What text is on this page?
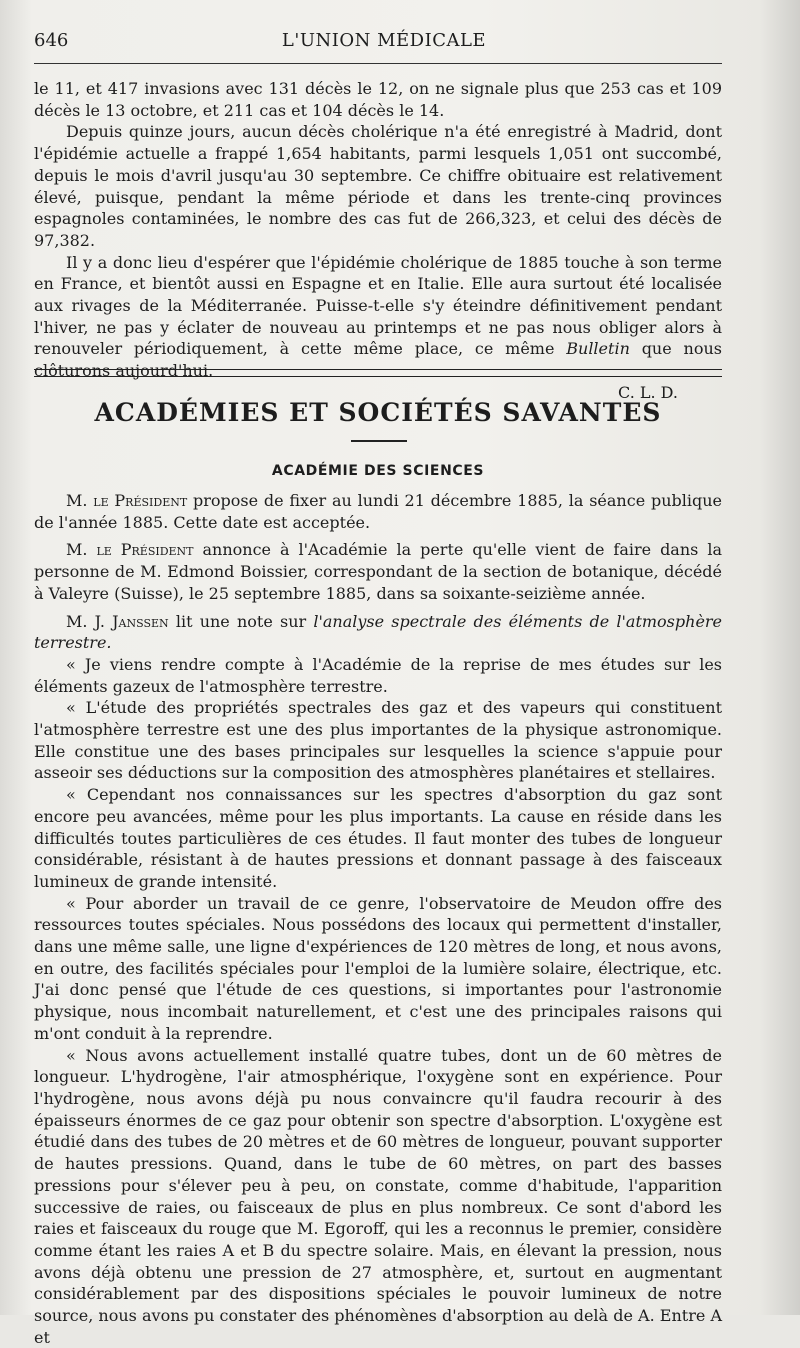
646	L'UNION MÉDICALE

le 11, et 417 invasions avec 131 décès le 12, on ne signale plus que 253 cas et 109 décès le 13 octobre, et 211 cas et 104 décès le 14.

Depuis quinze jours, aucun décès cholérique n'a été enregistré à Madrid, dont l'épidémie actuelle a frappé 1,654 habitants, parmi lesquels 1,051 ont succombé, depuis le mois d'avril jusqu'au 30 septembre. Ce chiffre obituaire est relativement élevé, puisque, pendant la même période et dans les trente-cinq provinces espagnoles contaminées, le nombre des cas fut de 266,323, et celui des décès de 97,382.

Il y a donc lieu d'espérer que l'épidémie cholérique de 1885 touche à son terme en France, et bientôt aussi en Espagne et en Italie. Elle aura surtout été localisée aux rivages de la Méditerranée. Puisse-t-elle s'y éteindre définitivement pendant l'hiver, ne pas y éclater de nouveau au printemps et ne pas nous obliger alors à renouveler périodiquement, à cette même place, ce même Bulletin que nous clôturons aujourd'hui.

C. L. D.

ACADÉMIES ET SOCIÉTÉS SAVANTES
ACADÉMIE DES SCIENCES

M. le Président propose de fixer au lundi 21 décembre 1885, la séance publique de l'année 1885. Cette date est acceptée.

M. le Président annonce à l'Académie la perte qu'elle vient de faire dans la personne de M. Edmond Boissier, correspondant de la section de botanique, décédé à Valeyre (Suisse), le 25 septembre 1885, dans sa soixante-seizième année.

M. J. Janssen lit une note sur l'analyse spectrale des éléments de l'atmosphère terrestre.

« Je viens rendre compte à l'Académie de la reprise de mes études sur les éléments gazeux de l'atmosphère terrestre.

« L'étude des propriétés spectrales des gaz et des vapeurs qui constituent l'atmosphère terrestre est une des plus importantes de la physique astronomique. Elle constitue une des bases principales sur lesquelles la science s'appuie pour asseoir ses déductions sur la composition des atmosphères planétaires et stellaires.

« Cependant nos connaissances sur les spectres d'absorption du gaz sont encore peu avancées, même pour les plus importants. La cause en réside dans les difficultés toutes particulières de ces études. Il faut monter des tubes de longueur considérable, résistant à de hautes pressions et donnant passage à des faisceaux lumineux de grande intensité.

« Pour aborder un travail de ce genre, l'observatoire de Meudon offre des ressources toutes spéciales. Nous possédons des locaux qui permettent d'installer, dans une même salle, une ligne d'expériences de 120 mètres de long, et nous avons, en outre, des facilités spéciales pour l'emploi de la lumière solaire, électrique, etc. J'ai donc pensé que l'étude de ces questions, si importantes pour l'astronomie physique, nous incombait naturellement, et c'est une des principales raisons qui m'ont conduit à la reprendre.

« Nous avons actuellement installé quatre tubes, dont un de 60 mètres de longueur. L'hydrogène, l'air atmosphérique, l'oxygène sont en expérience. Pour l'hydrogène, nous avons déjà pu nous convaincre qu'il faudra recourir à des épaisseurs énormes de ce gaz pour obtenir son spectre d'absorption. L'oxygène est étudié dans des tubes de 20 mètres et de 60 mètres de longueur, pouvant supporter de hautes pressions. Quand, dans le tube de 60 mètres, on part des basses pressions pour s'élever peu à peu, on constate, comme d'habitude, l'apparition successive de raies, ou faisceaux de plus en plus nombreux. Ce sont d'abord les raies et faisceaux du rouge que M. Egoroff, qui les a reconnus le premier, considère comme étant les raies A et B du spectre solaire. Mais, en élevant la pression, nous avons déjà obtenu une pression de 27 atmosphère, et, surtout en augmentant considérablement par des dispositions spéciales le pouvoir lumineux de notre source, nous avons pu constater des phénomènes d'absorption au delà de A. Entre A et
